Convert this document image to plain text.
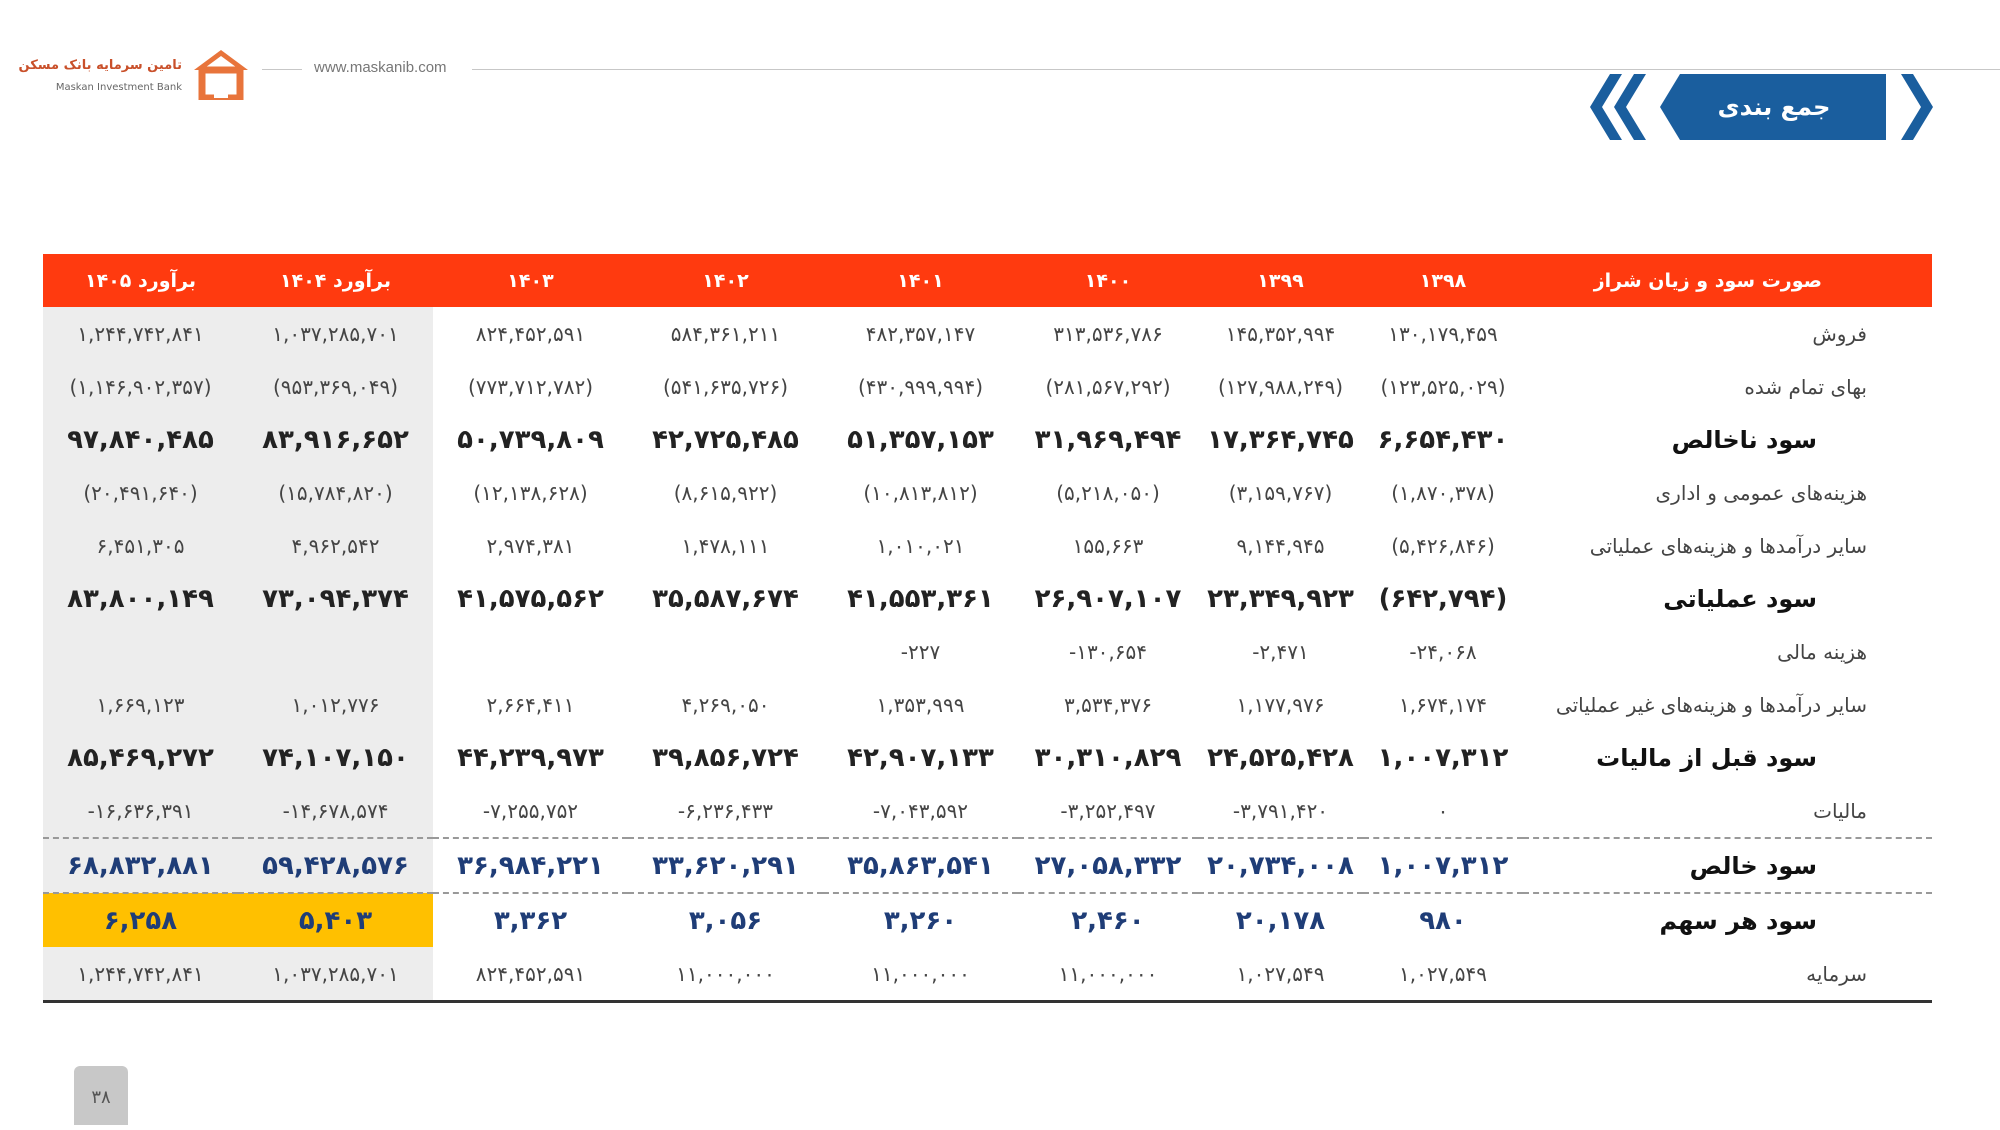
تامین سرمایه بانک مسکن
Maskan Investment Bank
www.maskanib.com
جمع بندی
۱۴۰۵ برآورد	۱۴۰۴ برآورد	۱۴۰۳	۱۴۰۲	۱۴۰۱	۱۴۰۰	۱۳۹۹	۱۳۹۸	صورت سود و زیان شراز
۱,۲۴۴,۷۴۲,۸۴۱	۱,۰۳۷,۲۸۵,۷۰۱	۸۲۴,۴۵۲,۵۹۱	۵۸۴,۳۶۱,۲۱۱	۴۸۲,۳۵۷,۱۴۷	۳۱۳,۵۳۶,۷۸۶	۱۴۵,۳۵۲,۹۹۴	۱۳۰,۱۷۹,۴۵۹	فروش
(۱,۱۴۶,۹۰۲,۳۵۷)	(۹۵۳,۳۶۹,۰۴۹)	(۷۷۳,۷۱۲,۷۸۲)	(۵۴۱,۶۳۵,۷۲۶)	(۴۳۰,۹۹۹,۹۹۴)	(۲۸۱,۵۶۷,۲۹۲)	(۱۲۷,۹۸۸,۲۴۹)	(۱۲۳,۵۲۵,۰۲۹)	بهای تمام شده
۹۷,۸۴۰,۴۸۵	۸۳,۹۱۶,۶۵۲	۵۰,۷۳۹,۸۰۹	۴۲,۷۲۵,۴۸۵	۵۱,۳۵۷,۱۵۳	۳۱,۹۶۹,۴۹۴	۱۷,۳۶۴,۷۴۵	۶,۶۵۴,۴۳۰	سود ناخالص
(۲۰,۴۹۱,۶۴۰)	(۱۵,۷۸۴,۸۲۰)	(۱۲,۱۳۸,۶۲۸)	(۸,۶۱۵,۹۲۲)	(۱۰,۸۱۳,۸۱۲)	(۵,۲۱۸,۰۵۰)	(۳,۱۵۹,۷۶۷)	(۱,۸۷۰,۳۷۸)	هزینه‌های عمومی و اداری
۶,۴۵۱,۳۰۵	۴,۹۶۲,۵۴۲	۲,۹۷۴,۳۸۱	۱,۴۷۸,۱۱۱	۱,۰۱۰,۰۲۱	۱۵۵,۶۶۳	۹,۱۴۴,۹۴۵	(۵,۴۲۶,۸۴۶)	سایر درآمدها و هزینه‌های عملیاتی
۸۳,۸۰۰,۱۴۹	۷۳,۰۹۴,۳۷۴	۴۱,۵۷۵,۵۶۲	۳۵,۵۸۷,۶۷۴	۴۱,۵۵۳,۳۶۱	۲۶,۹۰۷,۱۰۷	۲۳,۳۴۹,۹۲۳	(۶۴۲,۷۹۴)	سود عملیاتی
				-۲۲۷	-۱۳۰,۶۵۴	-۲,۴۷۱	-۲۴,۰۶۸	هزینه مالی
۱,۶۶۹,۱۲۳	۱,۰۱۲,۷۷۶	۲,۶۶۴,۴۱۱	۴,۲۶۹,۰۵۰	۱,۳۵۳,۹۹۹	۳,۵۳۴,۳۷۶	۱,۱۷۷,۹۷۶	۱,۶۷۴,۱۷۴	سایر درآمدها و هزینه‌های غیر عملیاتی
۸۵,۴۶۹,۲۷۲	۷۴,۱۰۷,۱۵۰	۴۴,۲۳۹,۹۷۳	۳۹,۸۵۶,۷۲۴	۴۲,۹۰۷,۱۳۳	۳۰,۳۱۰,۸۲۹	۲۴,۵۲۵,۴۲۸	۱,۰۰۷,۳۱۲	سود قبل از مالیات
-۱۶,۶۳۶,۳۹۱	-۱۴,۶۷۸,۵۷۴	-۷,۲۵۵,۷۵۲	-۶,۲۳۶,۴۳۳	-۷,۰۴۳,۵۹۲	-۳,۲۵۲,۴۹۷	-۳,۷۹۱,۴۲۰	۰	مالیات
۶۸,۸۳۲,۸۸۱	۵۹,۴۲۸,۵۷۶	۳۶,۹۸۴,۲۲۱	۳۳,۶۲۰,۲۹۱	۳۵,۸۶۳,۵۴۱	۲۷,۰۵۸,۳۳۲	۲۰,۷۳۴,۰۰۸	۱,۰۰۷,۳۱۲	سود خالص
۶,۲۵۸	۵,۴۰۳	۳,۳۶۲	۳,۰۵۶	۳,۲۶۰	۲,۴۶۰	۲۰,۱۷۸	۹۸۰	سود هر سهم
۱,۲۴۴,۷۴۲,۸۴۱	۱,۰۳۷,۲۸۵,۷۰۱	۸۲۴,۴۵۲,۵۹۱	۱۱,۰۰۰,۰۰۰	۱۱,۰۰۰,۰۰۰	۱۱,۰۰۰,۰۰۰	۱,۰۲۷,۵۴۹	۱,۰۲۷,۵۴۹	سرمایه
۳۸
